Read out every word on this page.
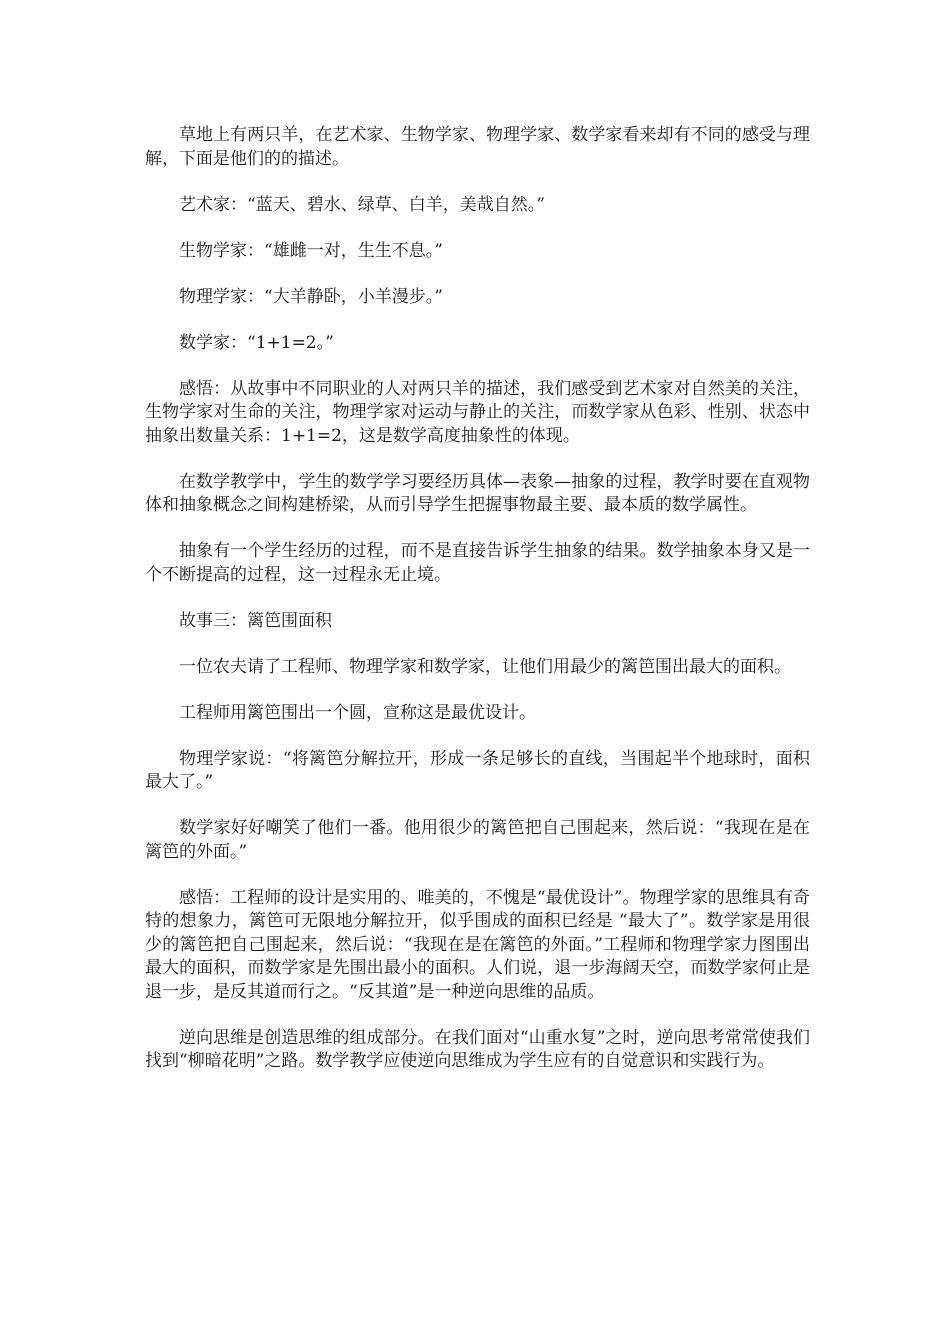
草地上有两只羊，在艺术家、生物学家、物理学家、数学家看来却有不同的感受与理解，下面是他们的的描述。

艺术家：“蓝天、碧水、绿草、白羊，美哉自然。”

生物学家：“雄雌一对，生生不息。”

物理学家：“大羊静卧，小羊漫步。”

数学家：“1+1=2。”

感悟：从故事中不同职业的人对两只羊的描述，我们感受到艺术家对自然美的关注，生物学家对生命的关注，物理学家对运动与静止的关注，而数学家从色彩、性别、状态中抽象出数量关系：1+1=2，这是数学高度抽象性的体现。

在数学教学中，学生的数学学习要经历具体—表象—抽象的过程，教学时要在直观物体和抽象概念之间构建桥梁，从而引导学生把握事物最主要、最本质的数学属性。

抽象有一个学生经历的过程，而不是直接告诉学生抽象的结果。数学抽象本身又是一个不断提高的过程，这一过程永无止境。

故事三：篱笆围面积

一位农夫请了工程师、物理学家和数学家，让他们用最少的篱笆围出最大的面积。

工程师用篱笆围出一个圆，宣称这是最优设计。

物理学家说：“将篱笆分解拉开，形成一条足够长的直线，当围起半个地球时，面积最大了。”

数学家好好嘲笑了他们一番。他用很少的篱笆把自己围起来，然后说：“我现在是在篱笆的外面。”

感悟：工程师的设计是实用的、唯美的，不愧是“最优设计”。物理学家的思维具有奇特的想象力，篱笆可无限地分解拉开，似乎围成的面积已经是 “最大了”。数学家是用很少的篱笆把自己围起来，然后说：“我现在是在篱笆的外面。”工程师和物理学家力图围出最大的面积，而数学家是先围出最小的面积。人们说，退一步海阔天空，而数学家何止是退一步，是反其道而行之。“反其道”是一种逆向思维的品质。

逆向思维是创造思维的组成部分。在我们面对“山重水复”之时，逆向思考常常使我们找到“柳暗花明”之路。数学教学应使逆向思维成为学生应有的自觉意识和实践行为。
